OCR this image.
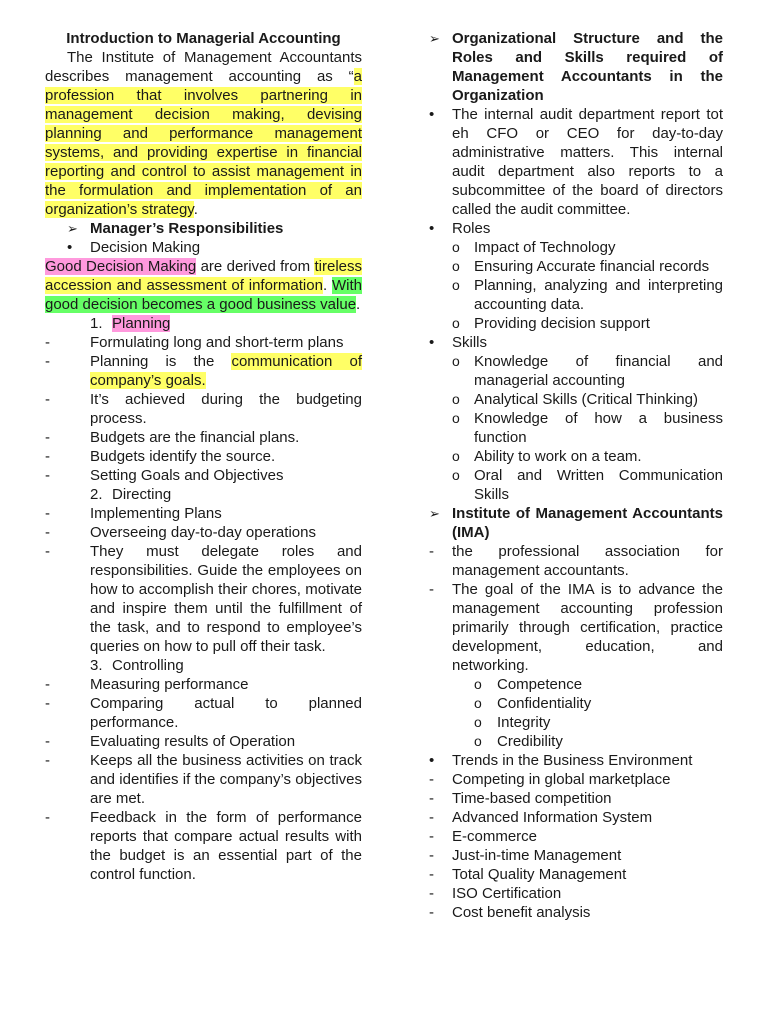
Introduction to Managerial Accounting

The Institute of Management Accountants describes management accounting as “a profession that involves partnering in management decision making, devising planning and performance management systems, and providing expertise in financial reporting and control to assist management in the formulation and implementation of an organization’s strategy.

➢ Manager’s Responsibilities
•	Decision Making

Good Decision Making are derived from tireless accession and assessment of information. With good decision becomes a good business value.

1. Planning
-	Formulating long and short-term plans
-	Planning is the communication of company’s goals.
-	It’s achieved during the budgeting process.
-	Budgets are the financial plans.
-	Budgets identify the source.
-	Setting Goals and Objectives
2. Directing
-	Implementing Plans
-	Overseeing day-to-day operations
-	They must delegate roles and responsibilities. Guide the employees on how to accomplish their chores, motivate and inspire them until the fulfillment of the task, and to respond to employee’s queries on how to pull off their task.
3. Controlling
-	Measuring performance
-	Comparing actual to planned performance.
-	Evaluating results of Operation
-	Keeps all the business activities on track and identifies if the company’s objectives are met.
-	Feedback in the form of performance reports that compare actual results with the budget is an essential part of the control function.
➢ Organizational Structure and the Roles and Skills required of Management Accountants in the Organization
•	The internal audit department report tot eh CFO or CEO for day-to-day administrative matters. This internal audit department also reports to a subcommittee of the board of directors called the audit committee.
•	Roles
o Impact of Technology
o Ensuring Accurate financial records
o Planning, analyzing and interpreting accounting data.
o Providing decision support
•	Skills
o Knowledge of financial and managerial accounting
o Analytical Skills (Critical Thinking)
o Knowledge of how a business function
o Ability to work on a team.
o Oral and Written Communication Skills
➢ Institute of Management Accountants (IMA)
-	the professional association for management accountants.
-	The goal of the IMA is to advance the management accounting profession primarily through certification, practice development, education, and networking.
o	Competence
o	Confidentiality
o	Integrity
o	Credibility
•	Trends in the Business Environment
-	Competing in global marketplace
-	Time-based competition
-	Advanced Information System
-	E-commerce
-	Just-in-time Management
-	Total Quality Management
-	ISO Certification
-	Cost benefit analysis
